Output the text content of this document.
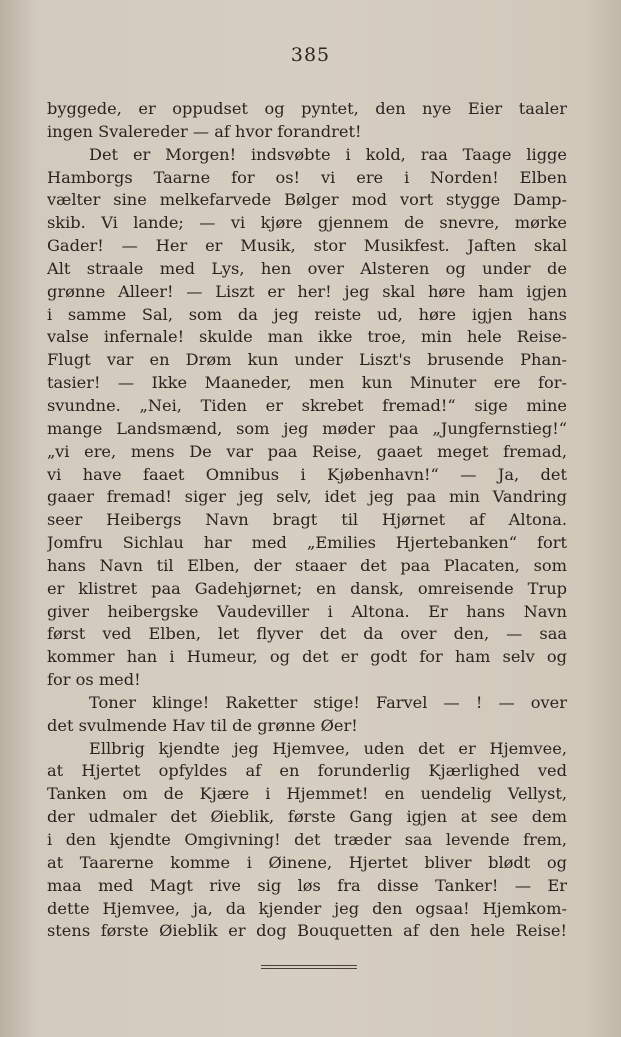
385
byggede, er oppudset og pyntet, den nye Eier taaler
ingen Svalereder — af hvor forandret!
Det er Morgen! indsvøbte i kold, raa Taage ligge
Hamborgs Taarne for os! vi ere i Norden! Elben
vælter sine melkefarvede Bølger mod vort styggе Damp-
skib. Vi lande; — vi kjøre gjennem de snevre, mørke
Gader! — Her er Musik, stor Musikfest. Jaften skal
Alt straale med Lys, hen over Alsteren og under de
grønne Alleer! — Liszt er her! jeg skal høre ham igjen
i samme Sal, som da jeg reiste ud, høre igjen hans
valse infernale! skulde man ikke troe, min hele Reise-
Flugt var en Drøm kun under Liszt's brusende Phan-
tasier! — Ikke Maaneder, men kun Minuter ere for-
svundne. „Nei, Tiden er skrebet fremad!“ sige mine
mange Landsmænd, som jeg møder paa „Jungfernstieg!“
„vi ere, mens De var paa Reise, gaaet meget fremad,
vi have faaet Omnibus i Kjøbenhavn!“ — Ja, det
gaaer fremad! siger jeg selv, idet jeg paa min Vandring
seer Heibergs Navn bragt til Hjørnet af Altona.
Jomfru Sichlau har med „Emilies Hjertebanken“ fort
hans Navn til Elben, der staaer det paa Placaten, som
er klistret paa Gadehjørnet; en dansk, omreisende Trup
giver heibergske Vaudeviller i Altona. Er hans Navn
først ved Elben, let flyver det da over den, — saa
kommer han i Humeur, og det er godt for ham selv og
for os med!
Toner klinge! Raketter stige! Farvel — ! — over
det svulmende Hav til de grønne Øer!
Ellbrig kjendte jeg Hjemvee, uden det er Hjemvee,
at Hjertet opfyldes af en forunderlig Kjærlighed ved
Tanken om de Kjære i Hjemmet! en uendelig Vellyst,
der udmaler det Øieblik, første Gang igjen at see dem
i den kjendte Omgivning! det træder saa levende frem,
at Taarerne komme i Øinene, Hjertet bliver blødt og
maa med Magt rive sig løs fra disse Tanker! — Er
dette Hjemvee, ja, da kjender jeg den ogsaa! Hjemkom-
stens første Øieblik er dog Bouquetten af den hele Reise!
